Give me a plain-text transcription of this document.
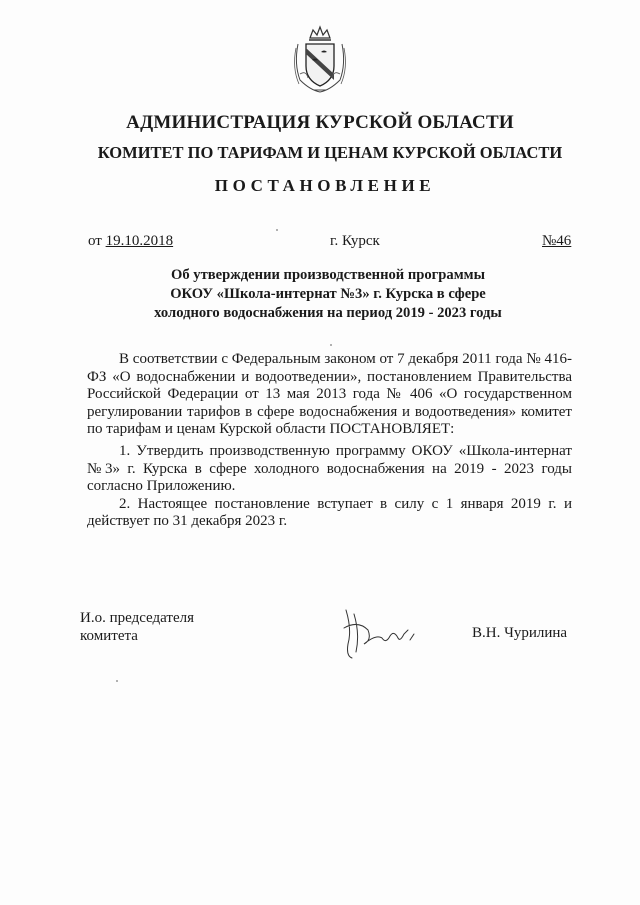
АДМИНИСТРАЦИЯ КУРСКОЙ ОБЛАСТИ
КОМИТЕТ ПО ТАРИФАМ И ЦЕНАМ КУРСКОЙ ОБЛАСТИ
ПОСТАНОВЛЕНИЕ
от 19.10.2018	г. Курск	№46
Об утверждении производственной программы
ОКОУ «Школа-интернат №3» г. Курска в сфере
холодного водоснабжения на период 2019 - 2023 годы

В соответствии с Федеральным законом от 7 декабря 2011 года № 416-ФЗ «О водоснабжении и водоотведении», постановлением Правительства Российской Федерации от 13 мая 2013 года № 406 «О государственном регулировании тарифов в сфере водоснабжения и водоотведения» комитет по тарифам и ценам Курской области ПОСТАНОВЛЯЕТ:

1. Утвердить производственную программу ОКОУ «Школа-интернат №3» г. Курска в сфере холодного водоснабжения на 2019 - 2023 годы согласно Приложению.

2. Настоящее постановление вступает в силу с 1 января 2019 г. и действует по 31 декабря 2023 г.

И.о. председателя
комитета	В.Н. Чурилина
